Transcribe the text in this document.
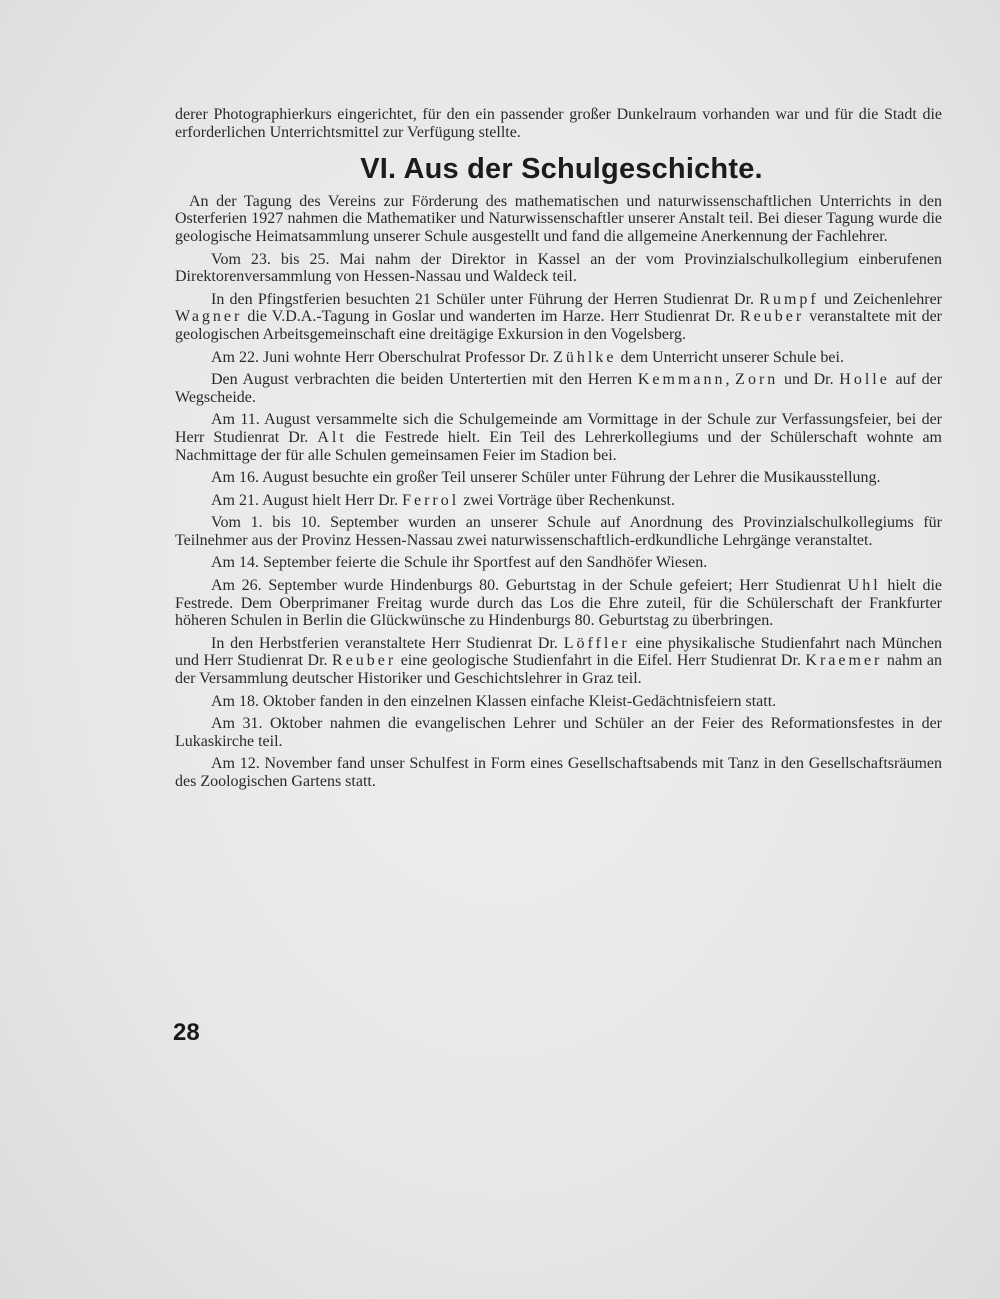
derer Photographierkurs eingerichtet, für den ein passender großer Dunkelraum vorhanden war und für die Stadt die erforderlichen Unterrichtsmittel zur Verfügung stellte.

VI. Aus der Schulgeschichte.

An der Tagung des Vereins zur Förderung des mathematischen und naturwissenschaftlichen Unterrichts in den Osterferien 1927 nahmen die Mathematiker und Naturwissenschaftler unserer Anstalt teil. Bei dieser Tagung wurde die geologische Heimatsammlung unserer Schule ausgestellt und fand die allgemeine Anerkennung der Fachlehrer.

Vom 23. bis 25. Mai nahm der Direktor in Kassel an der vom Provinzialschulkollegium einberufenen Direktorenversammlung von Hessen-Nassau und Waldeck teil.

In den Pfingstferien besuchten 21 Schüler unter Führung der Herren Studienrat Dr. Rumpf und Zeichenlehrer Wagner die V.D.A.-Tagung in Goslar und wanderten im Harze. Herr Studienrat Dr. Reuber veranstaltete mit der geologischen Arbeitsgemeinschaft eine dreitägige Exkursion in den Vogelsberg.

Am 22. Juni wohnte Herr Oberschulrat Professor Dr. Zühlke dem Unterricht unserer Schule bei.

Den August verbrachten die beiden Untertertien mit den Herren Kemmann, Zorn und Dr. Holle auf der Wegscheide.

Am 11. August versammelte sich die Schulgemeinde am Vormittage in der Schule zur Verfassungsfeier, bei der Herr Studienrat Dr. Alt die Festrede hielt. Ein Teil des Lehrerkollegiums und der Schülerschaft wohnte am Nachmittage der für alle Schulen gemeinsamen Feier im Stadion bei.

Am 16. August besuchte ein großer Teil unserer Schüler unter Führung der Lehrer die Musikausstellung.

Am 21. August hielt Herr Dr. Ferrol zwei Vorträge über Rechenkunst.

Vom 1. bis 10. September wurden an unserer Schule auf Anordnung des Provinzialschulkollegiums für Teilnehmer aus der Provinz Hessen-Nassau zwei naturwissenschaftlich-erdkundliche Lehrgänge veranstaltet.

Am 14. September feierte die Schule ihr Sportfest auf den Sandhöfer Wiesen.

Am 26. September wurde Hindenburgs 80. Geburtstag in der Schule gefeiert; Herr Studienrat Uhl hielt die Festrede. Dem Oberprimaner Freitag wurde durch das Los die Ehre zuteil, für die Schülerschaft der Frankfurter höheren Schulen in Berlin die Glückwünsche zu Hindenburgs 80. Geburtstag zu überbringen.

In den Herbstferien veranstaltete Herr Studienrat Dr. Löffler eine physikalische Studienfahrt nach München und Herr Studienrat Dr. Reuber eine geologische Studienfahrt in die Eifel. Herr Studienrat Dr. Kraemer nahm an der Versammlung deutscher Historiker und Geschichtslehrer in Graz teil.

Am 18. Oktober fanden in den einzelnen Klassen einfache Kleist-Gedächtnisfeiern statt.

Am 31. Oktober nahmen die evangelischen Lehrer und Schüler an der Feier des Reformationsfestes in der Lukaskirche teil.

Am 12. November fand unser Schulfest in Form eines Gesellschaftsabends mit Tanz in den Gesellschaftsräumen des Zoologischen Gartens statt.

28
